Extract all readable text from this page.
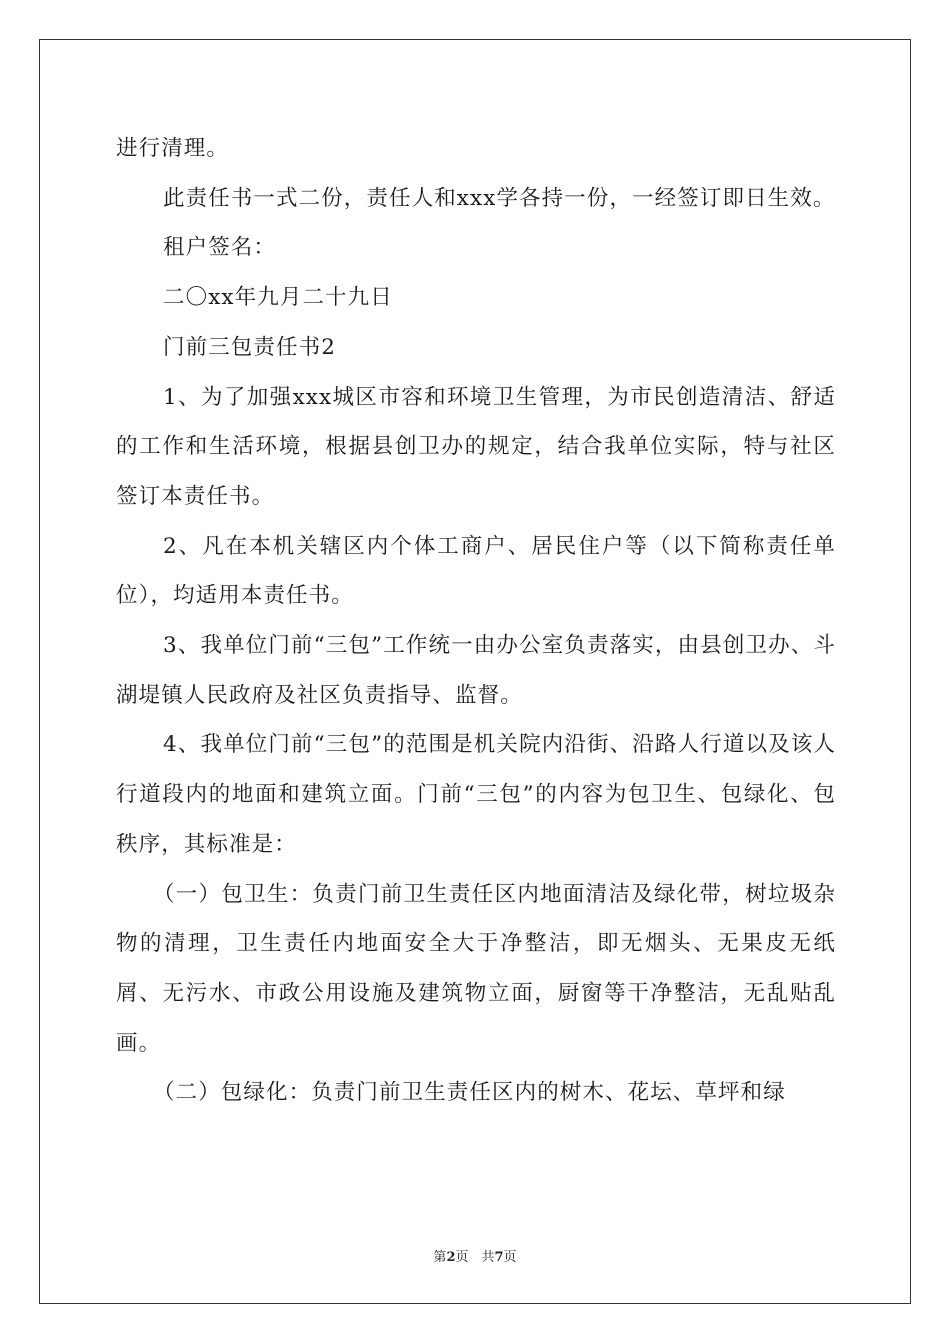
进行清理。

此责任书一式二份，责任人和xxx学各持一份，一经签订即日生效。

租户签名：

二〇xx年九月二十九日

门前三包责任书2

1、为了加强xxx城区市容和环境卫生管理，为市民创造清洁、舒适的工作和生活环境，根据县创卫办的规定，结合我单位实际，特与社区签订本责任书。

2、凡在本机关辖区内个体工商户、居民住户等（以下简称责任单位），均适用本责任书。

3、我单位门前“三包”工作统一由办公室负责落实，由县创卫办、斗湖堤镇人民政府及社区负责指导、监督。

4、我单位门前“三包”的范围是机关院内沿街、沿路人行道以及该人行道段内的地面和建筑立面。门前“三包”的内容为包卫生、包绿化、包秩序，其标准是：

（一）包卫生：负责门前卫生责任区内地面清洁及绿化带，树垃圾杂物的清理，卫生责任内地面安全大于净整洁，即无烟头、无果皮无纸屑、无污水、市政公用设施及建筑物立面，厨窗等干净整洁，无乱贴乱画。

（二）包绿化：负责门前卫生责任区内的树木、花坛、草坪和绿

第2页　共7页
